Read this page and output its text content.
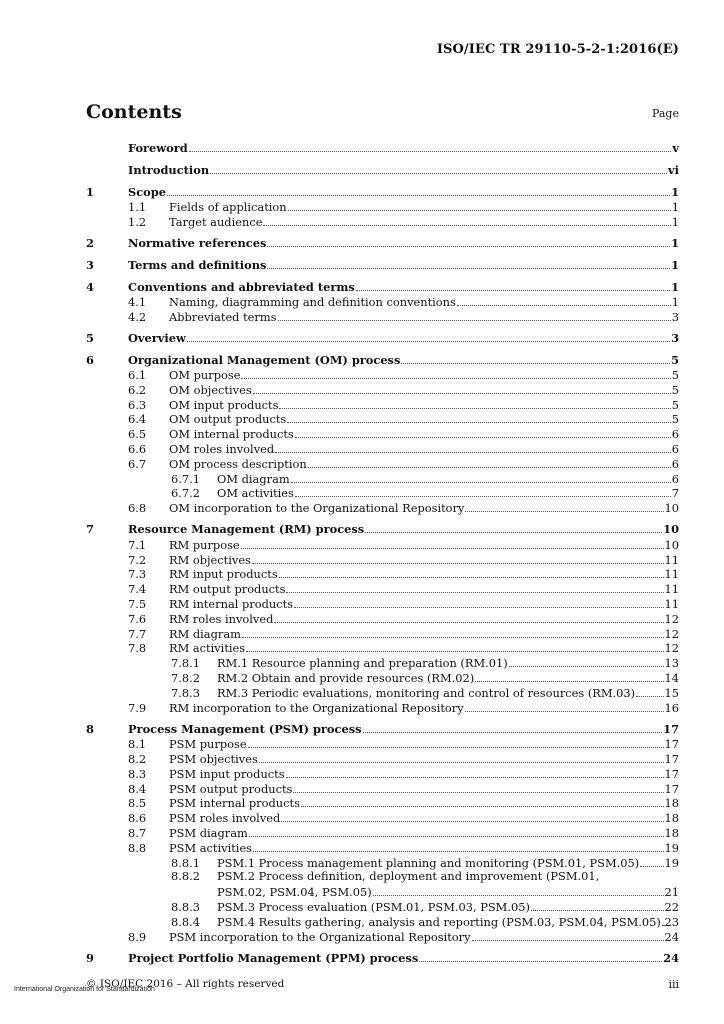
ISO/IEC TR 29110-5-2-1:2016(E)
Contents	Page
Foreword	v
Introduction	vi
1	Scope	1
1.1	Fields of application	1
1.2	Target audience	1
2	Normative references	1
3	Terms and definitions	1
4	Conventions and abbreviated terms	1
4.1	Naming, diagramming and definition conventions	1
4.2	Abbreviated terms	3
5	Overview	3
6	Organizational Management (OM) process	5
6.1	OM purpose	5
6.2	OM objectives	5
6.3	OM input products	5
6.4	OM output products	5
6.5	OM internal products	6
6.6	OM roles involved	6
6.7	OM process description	6
6.7.1	OM diagram	6
6.7.2	OM activities	7
6.8	OM incorporation to the Organizational Repository	10
7	Resource Management (RM) process	10
7.1	RM purpose	10
7.2	RM objectives	11
7.3	RM input products	11
7.4	RM output products	11
7.5	RM internal products	11
7.6	RM roles involved	12
7.7	RM diagram	12
7.8	RM activities	12
7.8.1	RM.1 Resource planning and preparation (RM.01)	13
7.8.2	RM.2 Obtain and provide resources (RM.02)	14
7.8.3	RM.3 Periodic evaluations, monitoring and control of resources (RM.03)	15
7.9	RM incorporation to the Organizational Repository	16
8	Process Management (PSM) process	17
8.1	PSM purpose	17
8.2	PSM objectives	17
8.3	PSM input products	17
8.4	PSM output products	17
8.5	PSM internal products	18
8.6	PSM roles involved	18
8.7	PSM diagram	18
8.8	PSM activities	19
8.8.1	PSM.1 Process management planning and monitoring (PSM.01, PSM.05) 19
8.8.2	PSM.2 Process definition, deployment and improvement (PSM.01,
PSM.02, PSM.04, PSM.05)	21
8.8.3	PSM.3 Process evaluation (PSM.01, PSM.03, PSM.05)	22
8.8.4	PSM.4 Results gathering, analysis and reporting (PSM.03, PSM.04, PSM.05) 23
8.9	PSM incorporation to the Organizational Repository	24
9	Project Portfolio Management (PPM) process	24
© ISO/IEC 2016 – All rights reserved	iii
International Organization for Standardization
